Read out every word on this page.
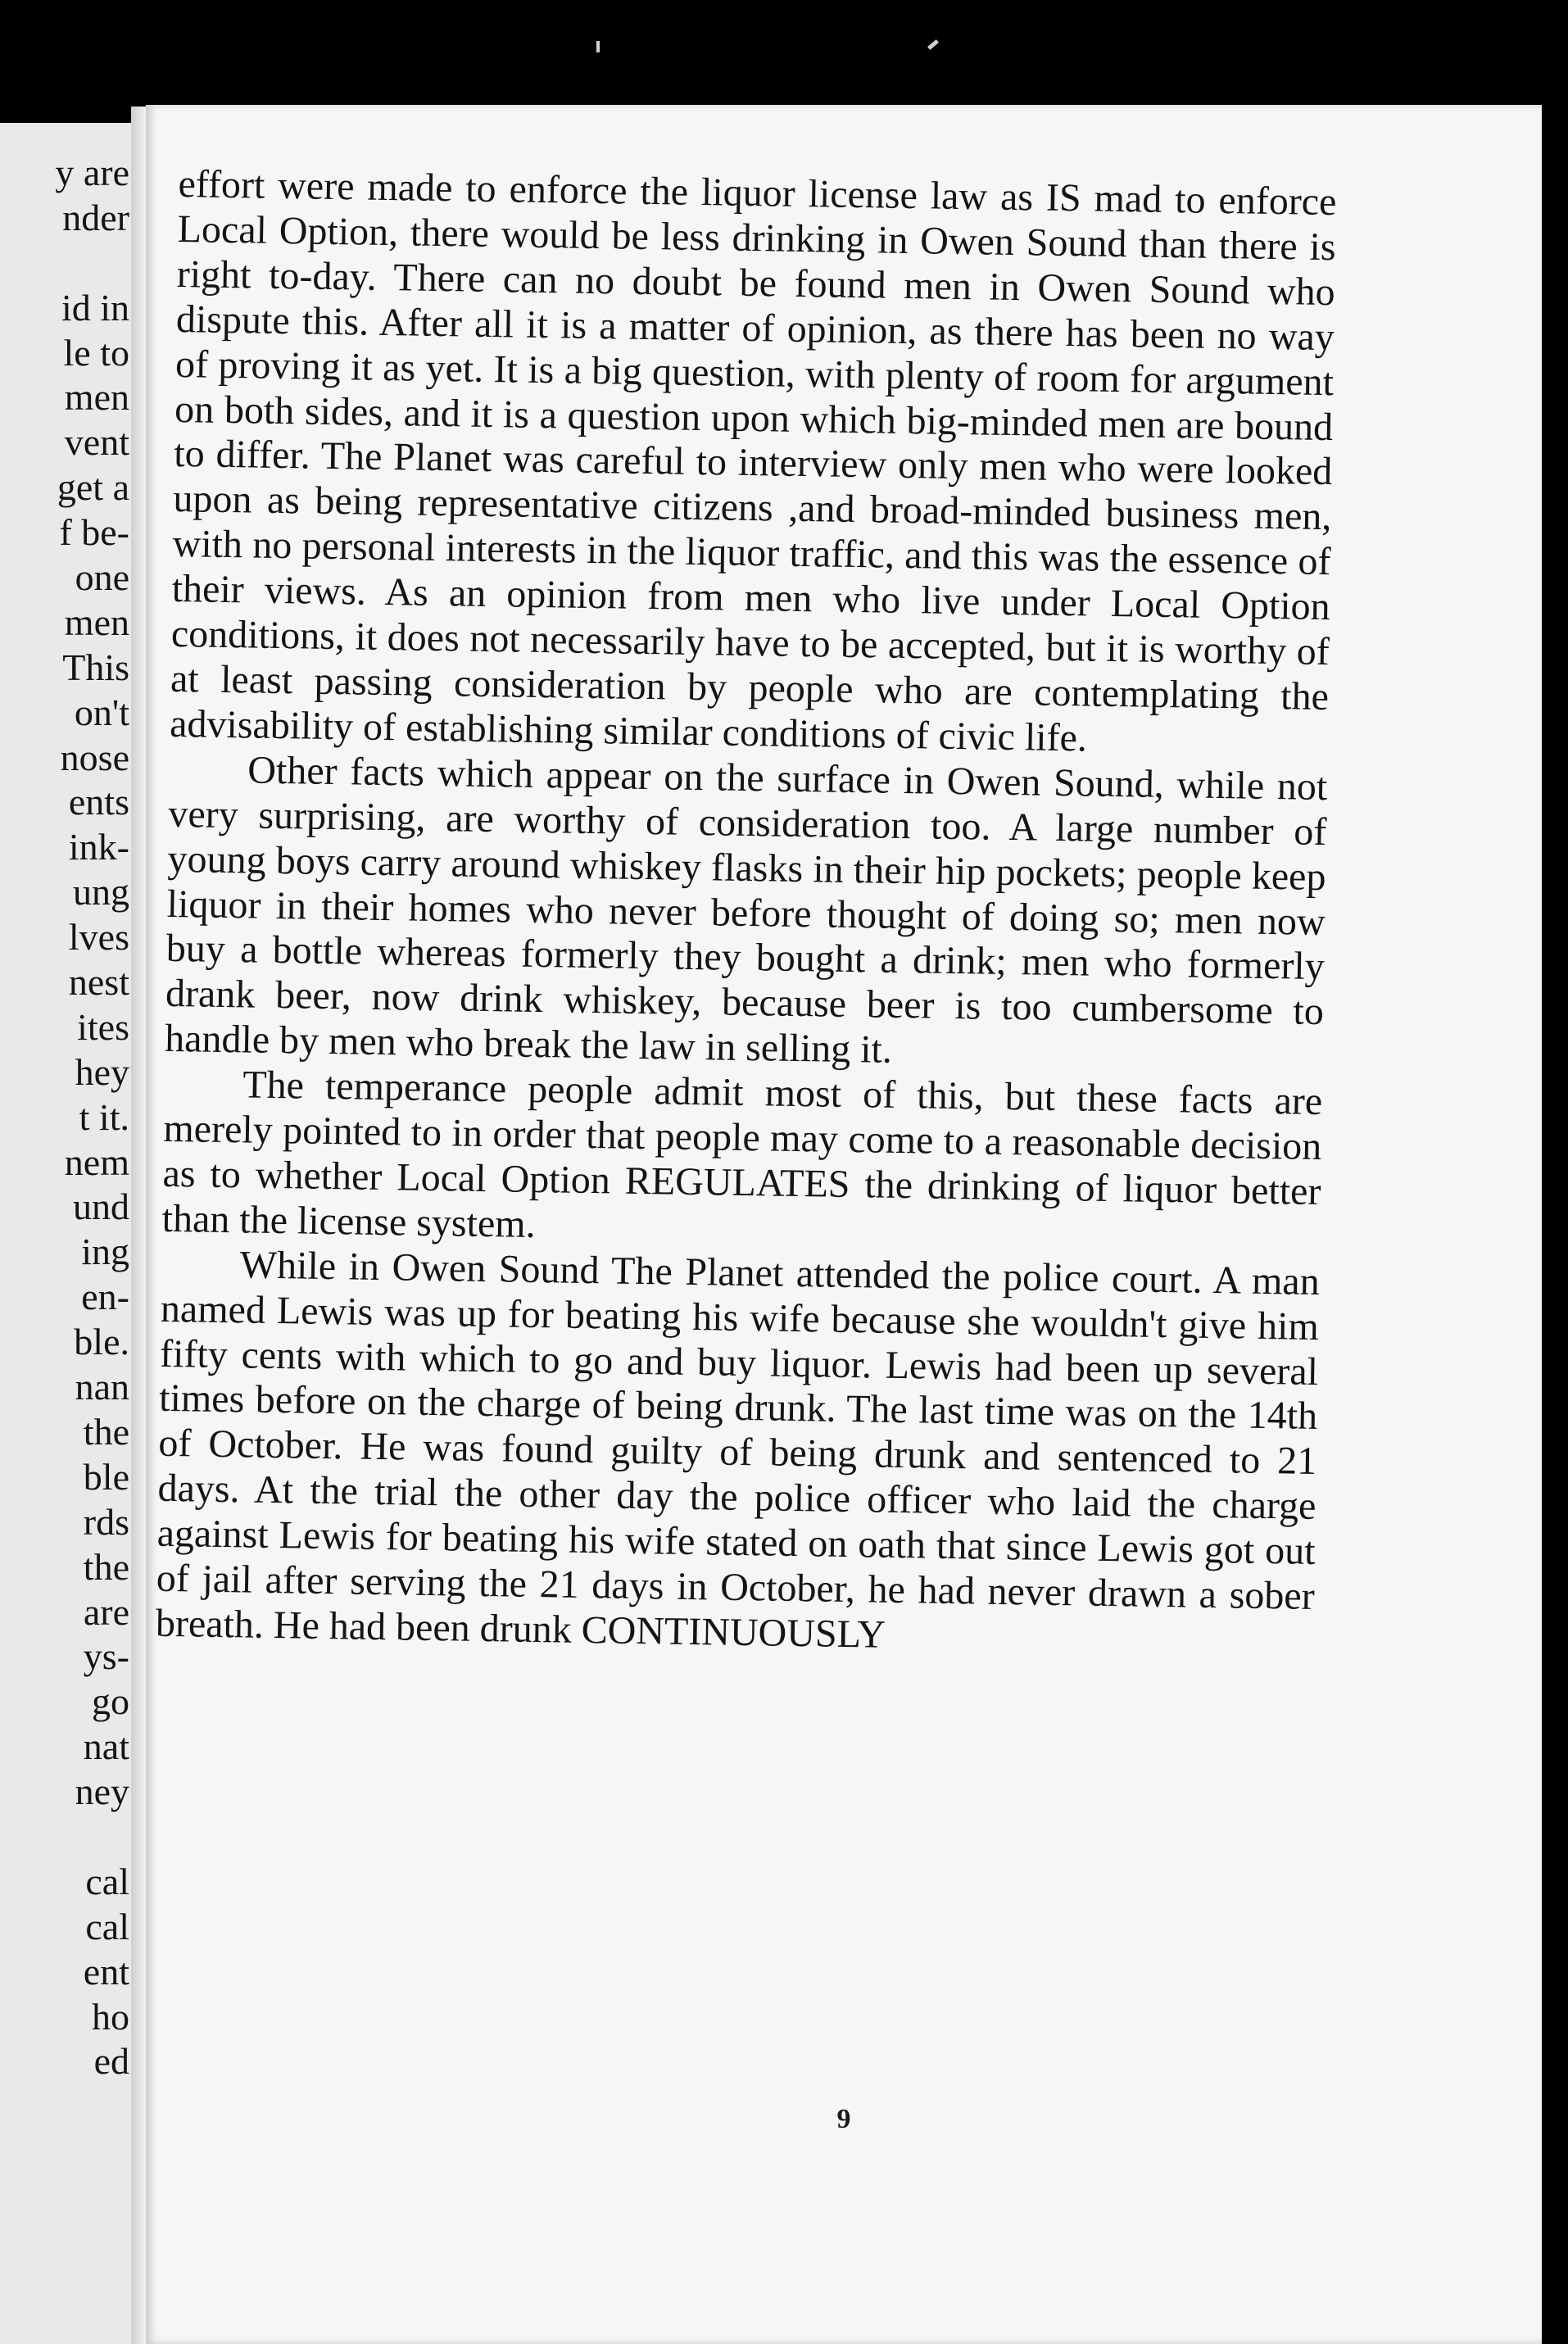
y are
nder
id in
le to
men
vent
get a
f be-
one
men
This
on't
nose
ents
ink-
ung
lves
nest
ites
hey
t it.
nem
und
ing
en-
ble.
nan
the
ble
rds
the
are
ys-
go
nat
ney
cal
cal
ent
ho
ed

effort were made to enforce the liquor license law as IS mad to enforce Local Option, there would be less drinking in Owen Sound than there is right to-day. There can no doubt be found men in Owen Sound who dispute this. After all it is a matter of opinion, as there has been no way of proving it as yet. It is a big question, with plenty of room for argument on both sides, and it is a question upon which big-minded men are bound to differ. The Planet was careful to interview only men who were looked upon as being representative citizens ,and broad-minded business men, with no personal interests in the liquor traffic, and this was the essence of their views. As an opinion from men who live under Local Option conditions, it does not necessarily have to be accepted, but it is worthy of at least passing consideration by people who are contemplating the advisability of establishing similar conditions of civic life.

Other facts which appear on the surface in Owen Sound, while not very surprising, are worthy of consideration too. A large number of young boys carry around whiskey flasks in their hip pockets; people keep liquor in their homes who never before thought of doing so; men now buy a bottle whereas formerly they bought a drink; men who formerly drank beer, now drink whiskey, because beer is too cumbersome to handle by men who break the law in selling it.

The temperance people admit most of this, but these facts are merely pointed to in order that people may come to a reasonable decision as to whether Local Option REGULATES the drinking of liquor better than the license system.

While in Owen Sound The Planet attended the police court. A man named Lewis was up for beating his wife because she wouldn't give him fifty cents with which to go and buy liquor. Lewis had been up several times before on the charge of being drunk. The last time was on the 14th of October. He was found guilty of being drunk and sentenced to 21 days. At the trial the other day the police officer who laid the charge against Lewis for beating his wife stated on oath that since Lewis got out of jail after serving the 21 days in October, he had never drawn a sober breath. He had been drunk CONTINUOUSLY

9
